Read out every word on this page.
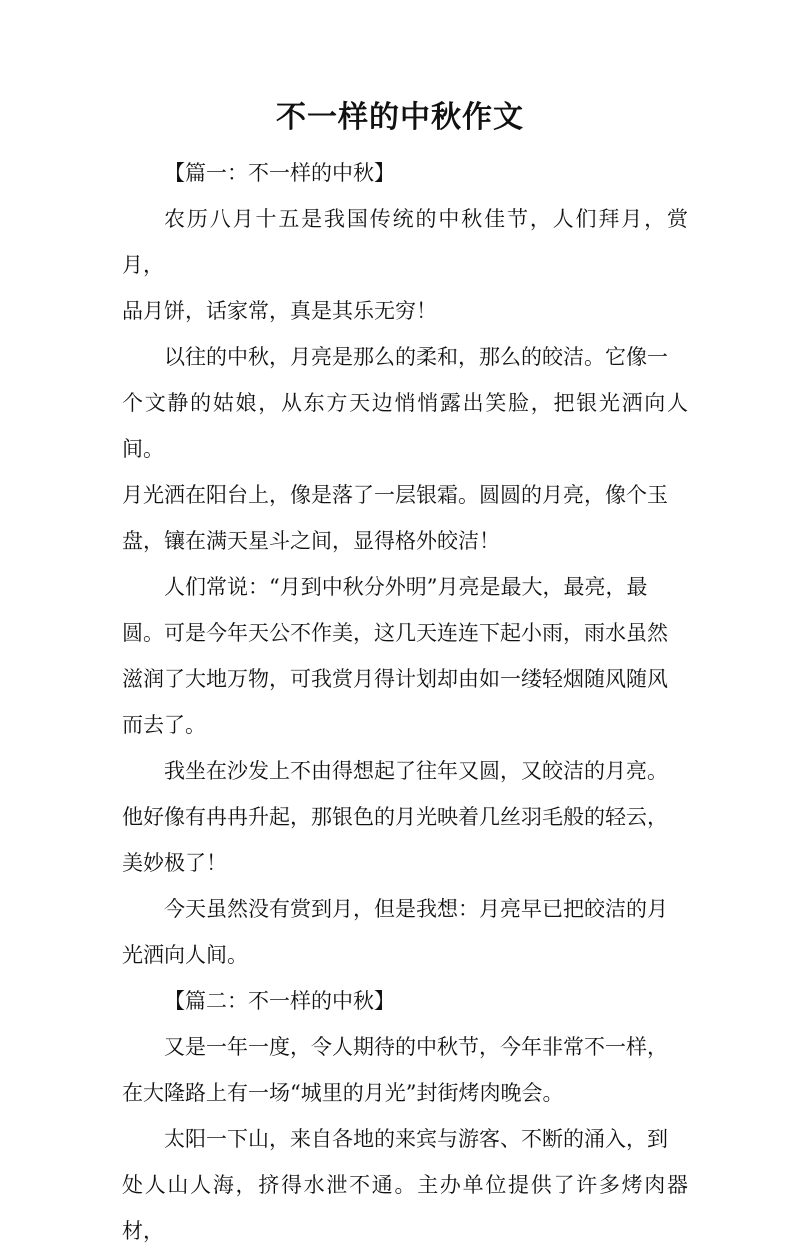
不一样的中秋作文

【篇一：不一样的中秋】

农历八月十五是我国传统的中秋佳节，人们拜月，赏月，
品月饼，话家常，真是其乐无穷！

以往的中秋，月亮是那么的柔和，那么的皎洁。它像一
个文静的姑娘，从东方天边悄悄露出笑脸，把银光洒向人间。
月光洒在阳台上，像是落了一层银霜。圆圆的月亮，像个玉
盘，镶在满天星斗之间，显得格外皎洁！

人们常说：“月到中秋分外明”月亮是最大，最亮，最
圆。可是今年天公不作美，这几天连连下起小雨，雨水虽然
滋润了大地万物，可我赏月得计划却由如一缕轻烟随风随风
而去了。

我坐在沙发上不由得想起了往年又圆，又皎洁的月亮。
他好像有冉冉升起，那银色的月光映着几丝羽毛般的轻云，
美妙极了！

今天虽然没有赏到月，但是我想：月亮早已把皎洁的月
光洒向人间。

【篇二：不一样的中秋】

又是一年一度，令人期待的中秋节，今年非常不一样，
在大隆路上有一场“城里的月光”封街烤肉晚会。

太阳一下山，来自各地的来宾与游客、不断的涌入，到
处人山人海，挤得水泄不通。主办单位提供了许多烤肉器材，
